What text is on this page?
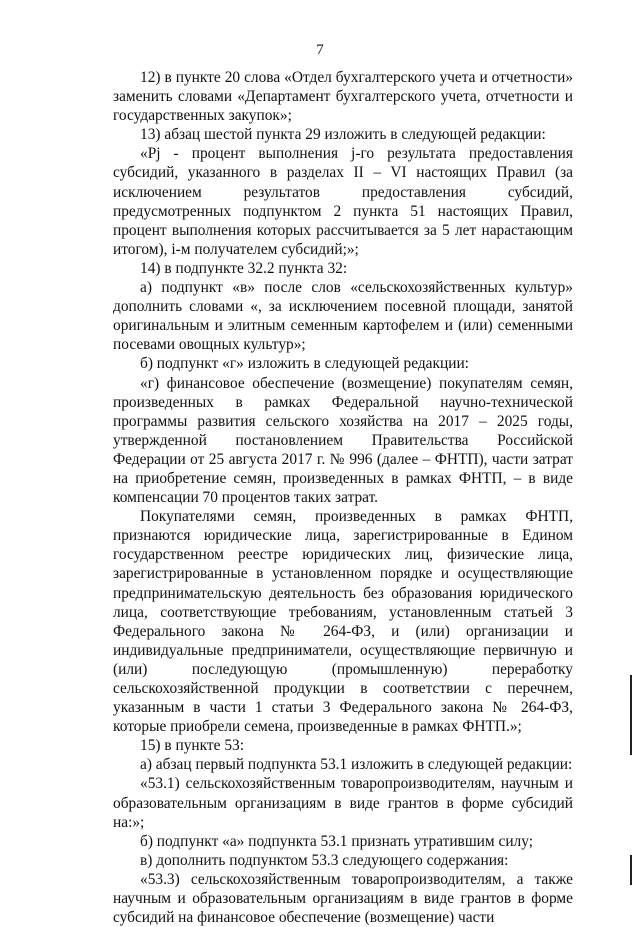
7

12) в пункте 20 слова «Отдел бухгалтерского учета и отчетности» заменить словами «Департамент бухгалтерского учета, отчетности и государственных закупок»;

13) абзац шестой пункта 29 изложить в следующей редакции:

«Pj - процент выполнения j-го результата предоставления субсидий, указанного в разделах II – VI настоящих Правил (за исключением результатов предоставления субсидий, предусмотренных подпунктом 2 пункта 51 настоящих Правил, процент выполнения которых рассчитывается за 5 лет нарастающим итогом), i-м получателем субсидий;»;

14) в подпункте 32.2 пункта 32:

а) подпункт «в» после слов «сельскохозяйственных культур» дополнить словами «, за исключением посевной площади, занятой оригинальным и элитным семенным картофелем и (или) семенными посевами овощных культур»;

б) подпункт «г» изложить в следующей редакции:

«г) финансовое обеспечение (возмещение) покупателям семян, произведенных в рамках Федеральной научно-технической программы развития сельского хозяйства на 2017 – 2025 годы, утвержденной постановлением Правительства Российской Федерации от 25 августа 2017 г. № 996 (далее – ФНТП), части затрат на приобретение семян, произведенных в рамках ФНТП, – в виде компенсации 70 процентов таких затрат.

Покупателями семян, произведенных в рамках ФНТП, признаются юридические лица, зарегистрированные в Едином государственном реестре юридических лиц, физические лица, зарегистрированные в установленном порядке и осуществляющие предпринимательскую деятельность без образования юридического лица, соответствующие требованиям, установленным статьей 3 Федерального закона № 264-ФЗ, и (или) организации и индивидуальные предприниматели, осуществляющие первичную и (или) последующую (промышленную) переработку сельскохозяйственной продукции в соответствии с перечнем, указанным в части 1 статьи 3 Федерального закона № 264-ФЗ, которые приобрели семена, произведенные в рамках ФНТП.»;

15) в пункте 53:

а) абзац первый подпункта 53.1 изложить в следующей редакции:

«53.1) сельскохозяйственным товаропроизводителям, научным и образовательным организациям в виде грантов в форме субсидий на:»;

б) подпункт «а» подпункта 53.1 признать утратившим силу;

в) дополнить подпунктом 53.3 следующего содержания:

«53.3) сельскохозяйственным товаропроизводителям, а также научным и образовательным организациям в виде грантов в форме субсидий на финансовое обеспечение (возмещение) части
